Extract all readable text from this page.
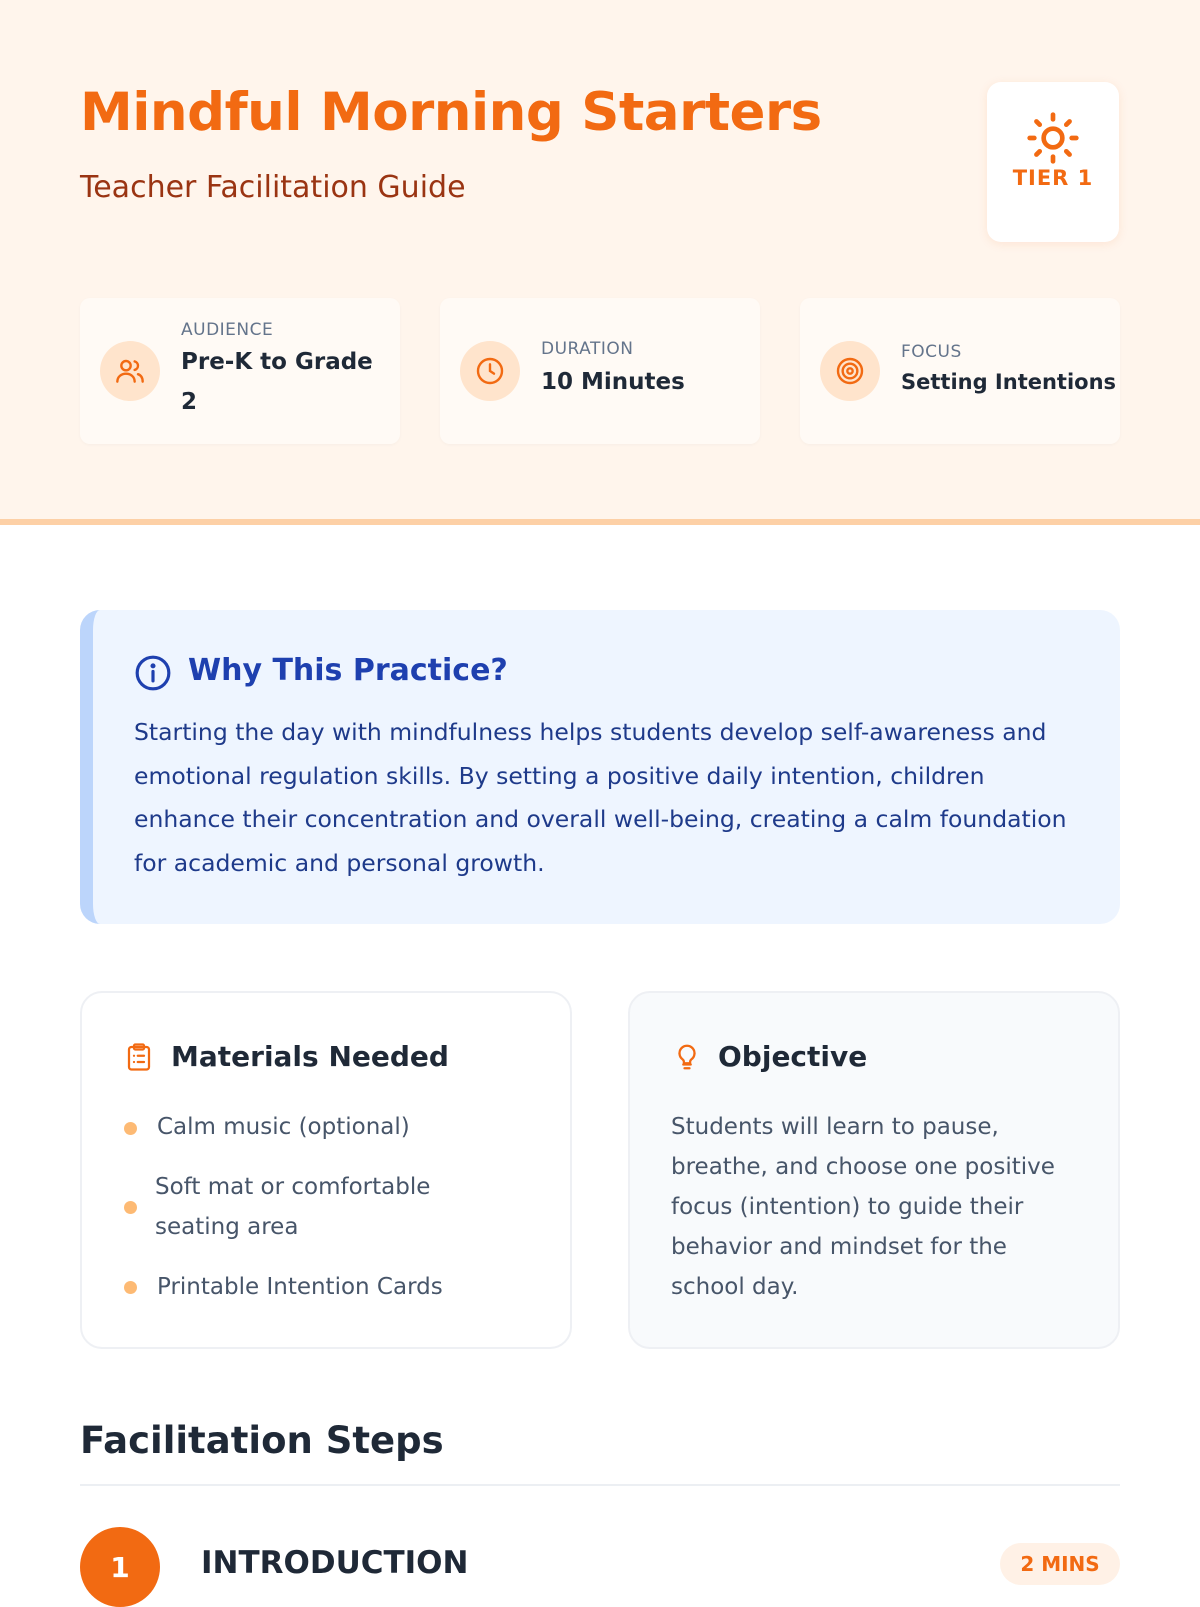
Mindful Morning Starters
Teacher Facilitation Guide	TIER 1
AUDIENCE
Pre-K to Grade
2
DURATION
10 Minutes
FOCUS
Setting Intentions
Why This Practice?
Starting the day with mindfulness helps students develop self-awareness and
emotional regulation skills. By setting a positive daily intention, children
enhance their concentration and overall well-being, creating a calm foundation
for academic and personal growth.
Materials Needed
Calm music (optional)
Soft mat or comfortable
seating area
Printable Intention Cards
Objective
Students will learn to pause,
breathe, and choose one positive
focus (intention) to guide their
behavior and mindset for the
school day.
Facilitation Steps
1	INTRODUCTION	2 MINS
